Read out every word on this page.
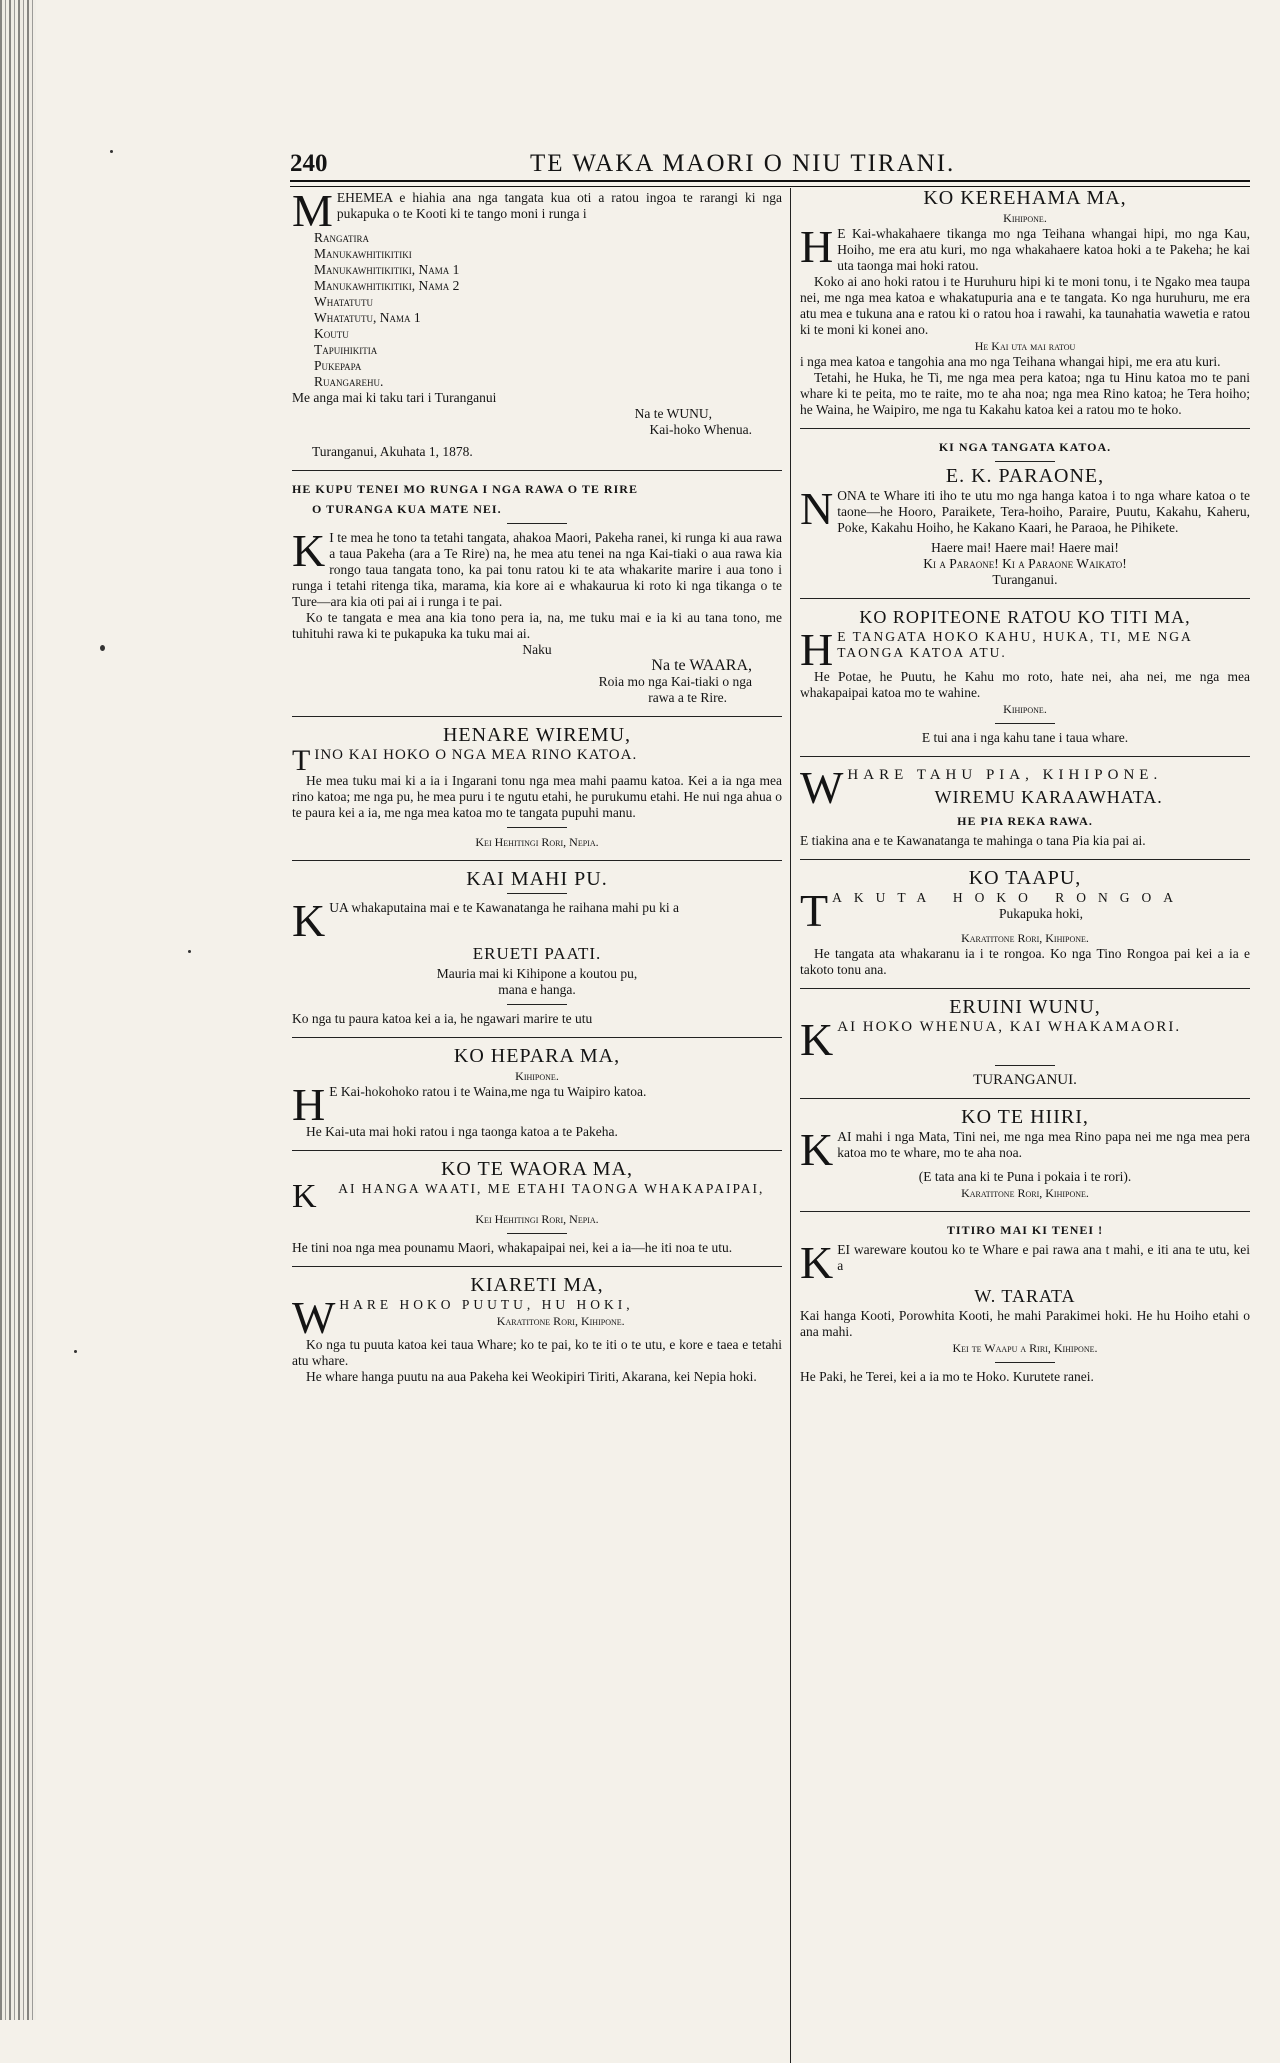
240	TE WAKA MAORI O NIU TIRANI.
M EHEMEA e hiahia ana nga tangata kua oti a ratou ingoa te rarangi ki nga pukapuka o te Kooti ki te tango moni i runga i

Rangatira
Manukawhitikitiki
Manukawhitikitiki, Nama 1
Manukawhitikitiki, Nama 2
Whatatutu
Whatatutu, Nama 1
Koutu
Tapuihikitia
Pukepapa
Ruangarehu.
Me anga mai ki taku tari i Turanganui
Na te WUNU,
Kai-hoko Whenua.
Turanganui, Akuhata 1, 1878.
HE KUPU TENEI MO RUNGA I NGA RAWA O TE RIRE
O TURANGA KUA MATE NEI.
K I te mea he tono ta tetahi tangata, ahakoa Maori, Pakeha ranei, ki runga ki aua rawa a taua Pakeha (ara a Te Rire) na, he mea atu tenei na nga Kai-tiaki o aua rawa kia rongo taua tangata tono, ka pai tonu ratou ki te ata whakarite marire i aua tono i runga i tetahi ritenga tika, marama, kia kore ai e whakaurua ki roto ki nga tikanga o te Ture—ara kia oti pai ai i runga i te pai.

Ko te tangata e mea ana kia tono pera ia, na, me tuku mai e ia ki au tana tono, me tuhituhi rawa ki te pukapuka ka tuku mai ai.

Naku
Na te WAARA,
Roia mo nga Kai-tiaki o nga
rawa a te Rire.
HENARE WIREMU,
T INO KAI HOKO O NGA MEA RINO KATOA.

He mea tuku mai ki a ia i Ingarani tonu nga mea mahi paamu katoa. Kei a ia nga mea rino katoa; me nga pu, he mea puru i te ngutu etahi, he purukumu etahi. He nui nga ahua o te paura kei a ia, me nga mea katoa mo te tangata pupuhi manu.

Kei Hehitingi Rori, Nepia.
KAI MAHI PU.
K UA whakaputaina mai e te Kawanatanga he raihana mahi pu ki a

ERUETI PAATI.
Mauria mai ki Kihipone a koutou pu,
mana e hanga.
Ko nga tu paura katoa kei a ia, he ngawari marire te utu
KO HEPARA MA,
Kihipone.
H E Kai-hokohoko ratou i te Waina,me nga tu Waipiro katoa.

He Kai-uta mai hoki ratou i nga taonga katoa a te Pakeha.

KO TE WAORA MA,
K	AI HANGA WAATI, ME ETAHI TAONGA WHAKAPAIPAI,
Kei Hehitingi Rori, Nepia.

He tini noa nga mea pounamu Maori, whakapaipai nei, kei a ia—he iti noa te utu.

KIARETI MA,
W HARE HOKO PUUTU, HU HOKI,
Karatitone Rori, Kihipone.

Ko nga tu puuta katoa kei taua Whare; ko te pai, ko te iti o te utu, e kore e taea e tetahi atu whare.

He whare hanga puutu na aua Pakeha kei Weokipiri Tiriti, Akarana, kei Nepia hoki.

KO KEREHAMA MA,
Kihipone.
H E Kai-whakahaere tikanga mo nga Teihana whangai hipi, mo nga Kau, Hoiho, me era atu kuri, mo nga whakahaere katoa hoki a te Pakeha; he kai uta taonga mai hoki ratou.

Koko ai ano hoki ratou i te Huruhuru hipi ki te moni tonu, i te Ngako mea taupa nei, me nga mea katoa e whakatupuria ana e te tangata. Ko nga huruhuru, me era atu mea e tukuna ana e ratou ki o ratou hoa i rawahi, ka taunahatia wawetia e ratou ki te moni ki konei ano.

He Kai uta mai ratou

i nga mea katoa e tangohia ana mo nga Teihana whangai hipi, me era atu kuri.

Tetahi, he Huka, he Ti, me nga mea pera katoa; nga tu Hinu katoa mo te pani whare ki te peita, mo te raite, mo te aha noa; nga mea Rino katoa; he Tera hoiho; he Waina, he Waipiro, me nga tu Kakahu katoa kei a ratou mo te hoko.

KI NGA TANGATA KATOA.
E. K. PARAONE,
N ONA te Whare iti iho te utu mo nga hanga katoa i to nga whare katoa o te taone—he Hooro, Paraikete, Tera-hoiho, Paraire, Puutu, Kakahu, Kaheru, Poke, Kakahu Hoiho, he Kakano Kaari, he Paraoa, he Pihikete.

Haere mai! Haere mai! Haere mai!
Ki a Paraone! Ki a Paraone Waikato!
Turanganui.
KO ROPITEONE RATOU KO TITI MA,
H E TANGATA HOKO KAHU, HUKA, TI, ME NGA TAONGA KATOA ATU.

He Potae, he Puutu, he Kahu mo roto, hate nei, aha nei, me nga mea whakapaipai katoa mo te wahine.

Kihipone.
E tui ana i nga kahu tane i taua whare.
W HARE TAHU PIA, KIHIPONE.
WIREMU KARAAWHATA.
HE PIA REKA RAWA.

E tiakina ana e te Kawanatanga te mahinga o tana Pia kia pai ai.

KO TAAPU,
T AKUTA HOKO RONGOA
Pukapuka hoki,
Karatitone Rori, Kihipone.

He tangata ata whakaranu ia i te rongoa. Ko nga Tino Rongoa pai kei a ia e takoto tonu ana.

ERUINI WUNU,
K AI HOKO WHENUA, KAI WHAKAMAORI.
TURANGANUI.
KO TE HIIRI,
K AI mahi i nga Mata, Tini nei, me nga mea Rino papa nei me nga mea pera katoa mo te whare, mo te aha noa.

(E tata ana ki te Puna i pokaia i te rori).
Karatitone Rori, Kihipone.
TITIRO MAI KI TENEI !
K EI wareware koutou ko te Whare e pai rawa ana t mahi, e iti ana te utu, kei a

W. TARATA

Kai hanga Kooti, Porowhita Kooti, he mahi Parakimei hoki. He hu Hoiho etahi o ana mahi.

Kei te Waapu a Riri, Kihipone.
He Paki, he Terei, kei a ia mo te Hoko. Kurutete ranei.
